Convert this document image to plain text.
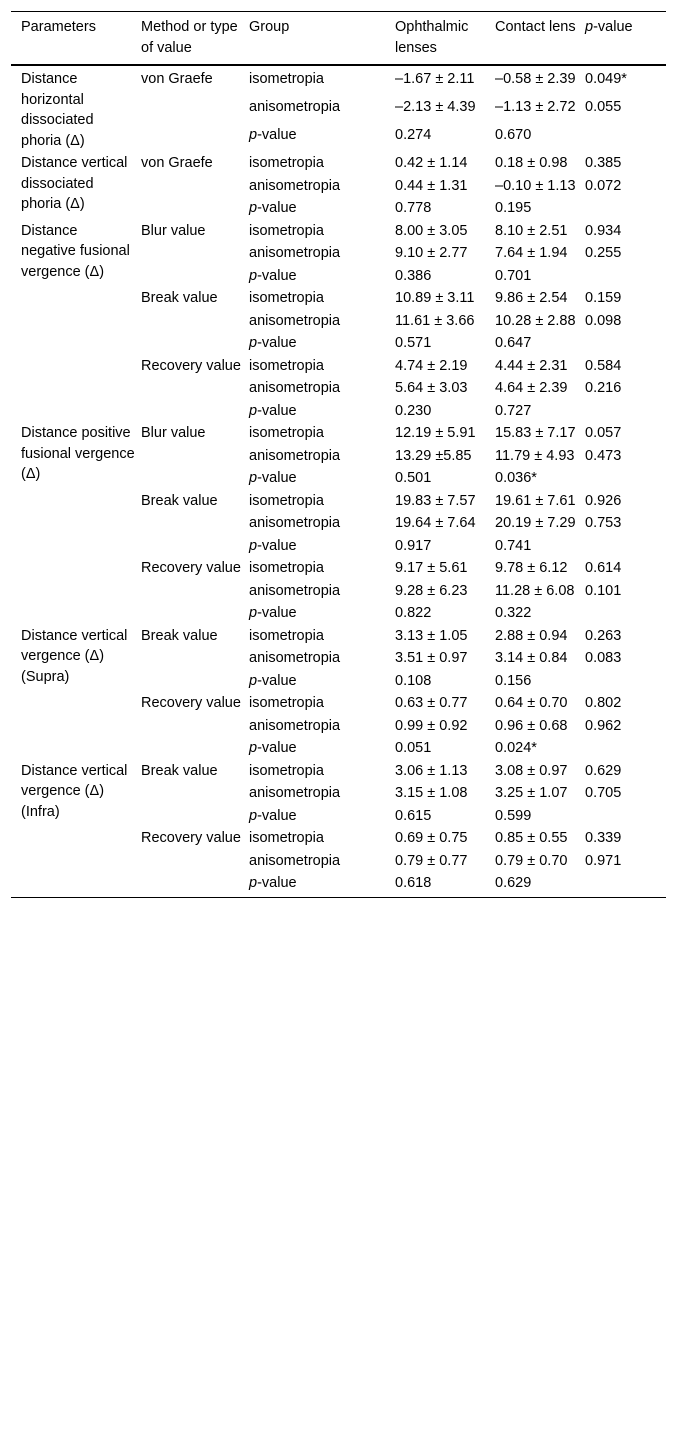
Parameters	Method or type of value	Group	Ophthalmic lenses	Contact lens	p-value
Distance horizontal dissociated phoria (Δ)	von Graefe	isometropia	–1.67 ± 2.11	–0.58 ± 2.39	0.049*
		anisometropia	–2.13 ± 4.39	–1.13 ± 2.72	0.055
		p-value	0.274	0.670	
Distance vertical dissociated phoria (Δ)	von Graefe	isometropia	0.42 ± 1.14	0.18 ± 0.98	0.385
		anisometropia	0.44 ± 1.31	–0.10 ± 1.13	0.072
		p-value	0.778	0.195	
Distance negative fusional vergence (Δ)	Blur value	isometropia	8.00 ± 3.05	8.10 ± 2.51	0.934
		anisometropia	9.10 ± 2.77	7.64 ± 1.94	0.255
		p-value	0.386	0.701	
	Break value	isometropia	10.89 ± 3.11	9.86 ± 2.54	0.159
		anisometropia	11.61 ± 3.66	10.28 ± 2.88	0.098
		p-value	0.571	0.647	
	Recovery value	isometropia	4.74 ± 2.19	4.44 ± 2.31	0.584
		anisometropia	5.64 ± 3.03	4.64 ± 2.39	0.216
		p-value	0.230	0.727	
Distance positive fusional vergence (Δ)	Blur value	isometropia	12.19 ± 5.91	15.83 ± 7.17	0.057
		anisometropia	13.29 ±5.85	11.79 ± 4.93	0.473
		p-value	0.501	0.036*	
	Break value	isometropia	19.83 ± 7.57	19.61 ± 7.61	0.926
		anisometropia	19.64 ± 7.64	20.19 ± 7.29	0.753
		p-value	0.917	0.741	
	Recovery value	isometropia	9.17 ± 5.61	9.78 ± 6.12	0.614
		anisometropia	9.28 ± 6.23	11.28 ± 6.08	0.101
		p-value	0.822	0.322	
Distance vertical vergence (Δ)(Supra)	Break value	isometropia	3.13 ± 1.05	2.88 ± 0.94	0.263
		anisometropia	3.51 ± 0.97	3.14 ± 0.84	0.083
		p-value	0.108	0.156	
	Recovery value	isometropia	0.63 ± 0.77	0.64 ± 0.70	0.802
		anisometropia	0.99 ± 0.92	0.96 ± 0.68	0.962
		p-value	0.051	0.024*	
Distance vertical vergence (Δ)(Infra)	Break value	isometropia	3.06 ± 1.13	3.08 ± 0.97	0.629
		anisometropia	3.15 ± 1.08	3.25 ± 1.07	0.705
		p-value	0.615	0.599	
	Recovery value	isometropia	0.69 ± 0.75	0.85 ± 0.55	0.339
		anisometropia	0.79 ± 0.77	0.79 ± 0.70	0.971
		p-value	0.618	0.629	
